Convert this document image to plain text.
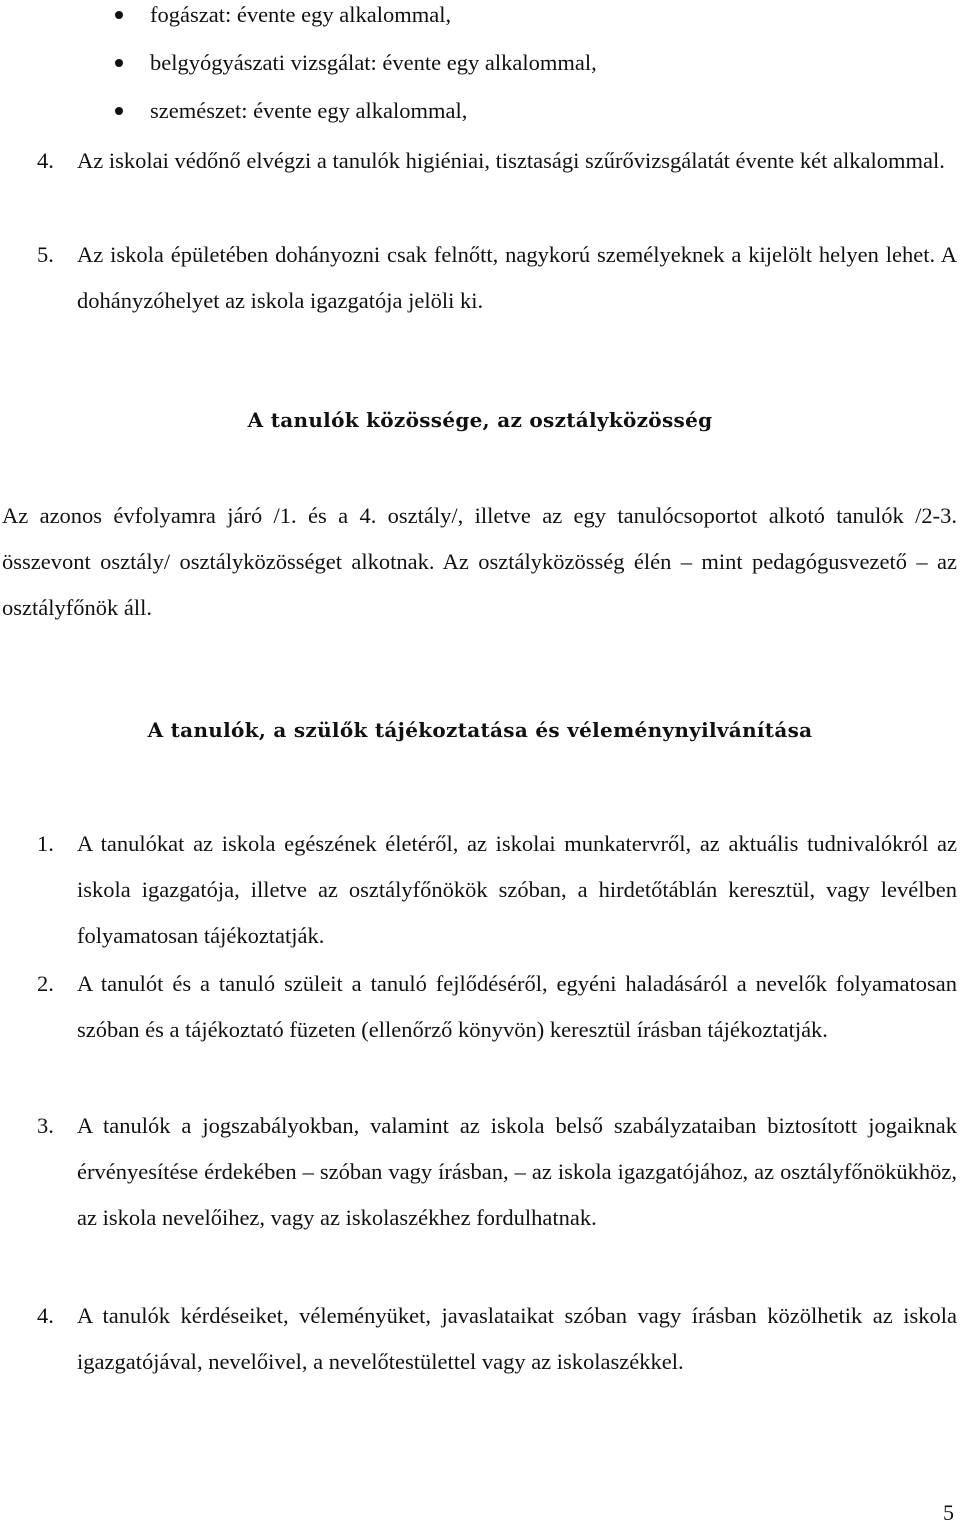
fogászat: évente egy alkalommal,
belgyógyászati vizsgálat: évente egy alkalommal,
szemészet: évente egy alkalommal,
4. Az iskolai védőnő elvégzi a tanulók higiéniai, tisztasági szűrővizsgálatát évente két alkalommal.
5. Az iskola épületében dohányozni csak felnőtt, nagykorú személyeknek a kijelölt helyen lehet. A dohányzóhelyet az iskola igazgatója jelöli ki.
A tanulók közössége, az osztályközösség
Az azonos évfolyamra járó /1. és a 4. osztály/, illetve az egy tanulócsoportot alkotó tanulók /2-3. összevont osztály/ osztályközösséget alkotnak. Az osztályközösség élén – mint pedagógusvezető – az osztályfőnök áll.
A tanulók, a szülők tájékoztatása és véleménynyilvánítása
1. A tanulókat az iskola egészének életéről, az iskolai munkatervről, az aktuális tudnivalókról az iskola igazgatója, illetve az osztályfőnökök szóban, a hirdetőtáblán keresztül, vagy levélben folyamatosan tájékoztatják.
2. A tanulót és a tanuló szüleit a tanuló fejlődéséről, egyéni haladásáról a nevelők folyamatosan szóban és a tájékoztató füzeten (ellenőrző könyvön) keresztül írásban tájékoztatják.
3. A tanulók a jogszabályokban, valamint az iskola belső szabályzataiban biztosított jogaiknak érvényesítése érdekében – szóban vagy írásban, – az iskola igazgatójához, az osztályfőnökükhöz, az iskola nevelőihez, vagy az iskolaszékhez fordulhatnak.
4. A tanulók kérdéseiket, véleményüket, javaslataikat szóban vagy írásban közölhetik az iskola igazgatójával, nevelőivel, a nevelőtestülettel vagy az iskolaszékkel.
5
